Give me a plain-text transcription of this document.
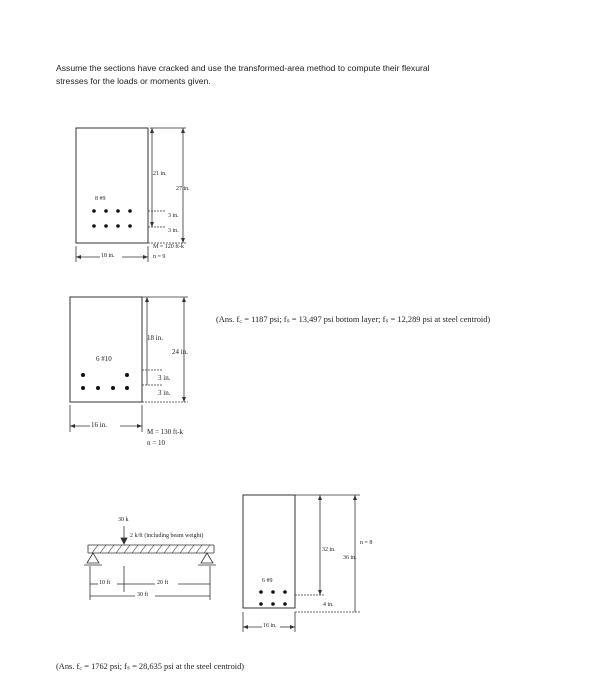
Assume the sections have cracked and use the transformed-area method to compute their flexural
stresses for the loads or moments given.
8 #9
21 in.
27 in.
3 in.
3 in.
18 in.
M = 120 ft-k
n = 9
6 #10
18 in.
24 in.
3 in.
3 in.
16 in.
M = 130 ft-k
n = 10
(Ans. f꜀ = 1187 psi; fₛ = 13,497 psi bottom layer; fₛ = 12,289 psi at steel centroid)
30 k
2 k/ft (including beam weight)
10 ft	20 ft
30 ft
6 #9
32 in.
36 in.
n = 8
4 in.
16 in.
(Ans. f꜀ = 1762 psi; fₛ = 28,635 psi at the steel centroid)
